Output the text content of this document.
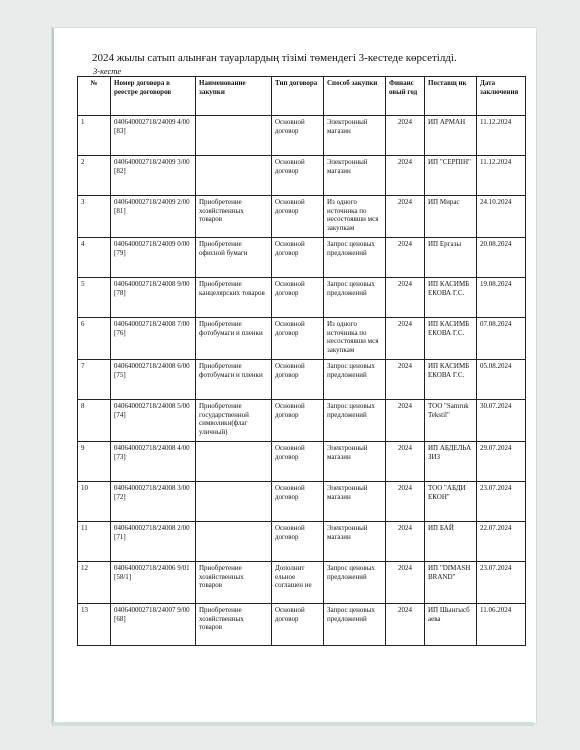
2024 жылы сатып алынған тауарлардың тізімі төмендегі 3-кестеде көрсетілді.
3-кесте
№	Номер договора в реестре договоров	Наименование закупки	Тип договора	Способ закупки	Финанс овый год	Поставщ ик	Дата заключения
1	040640002718/24009 4/00 [83]		Основной договор	Электронный магазин	2024	ИП АРМАН	11.12.2024
2	040640002718/24009 3/00 [82]		Основной договор	Электронный магазин	2024	ИП "СЕРПІН"	11.12.2024
3	040640002718/24009 2/00 [81]	Приобретение хозяйственных товаров	Основной договор	Из одного источника по несостоявши мся закупкам	2024	ИП Мирас	24.10.2024
4	040640002718/24009 0/00 [79]	Приобретение офисной бумаги	Основной договор	Запрос ценовых предложений	2024	ИП Ергазы	20.08.2024
5	040640002718/24008 9/00 [78]	Приобретение канцелярских товаров	Основной договор	Запрос ценовых предложений	2024	ИП КАСИМБ ЕКОВА Г.С.	19.08.2024
6	040640002718/24008 7/00 [76]	Приобретение фотобумаги и пленки	Основной договор	Из одного источника по несостоявши мся закупкам	2024	ИП КАСИМБ ЕКОВА Г.С.	07.08.2024
7	040640002718/24008 6/00 [75]	Приобретение фотобумаги и пленки	Основной договор	Запрос ценовых предложений	2024	ИП КАСИМБ ЕКОВА Г.С.	05.08.2024
8	040640002718/24008 5/00 [74]	Приобретение государственной символики(флаг уличный)	Основной договор	Запрос ценовых предложений	2024	ТОО "Samruk Tekstil"	30.07.2024
9	040640002718/24008 4/00 [73]		Основной договор	Электронный магазин	2024	ИП АБДЕЛЬА ЗИЗ	29.07.2024
10	040640002718/24008 3/00 [72]		Основной договор	Электронный магазин	2024	ТОО "АБДИ ЕКОН"	23.07.2024
11	040640002718/24008 2/00 [71]		Основной договор	Электронный магазин	2024	ИП БАЙ	22.07.2024
12	040640002718/24006 9/01 [58/1]	Приобретение хозяйственных товаров	Дополнит ельное соглашен ие	Запрос ценовых предложений	2024	ИП "DIMASH BRAND"	23.07.2024
13	040640002718/24007 9/00 [68]	Приобретение хозяйственных товаров	Основной договор	Запрос ценовых предложений	2024	ИП Шынгысб аева	11.06.2024
